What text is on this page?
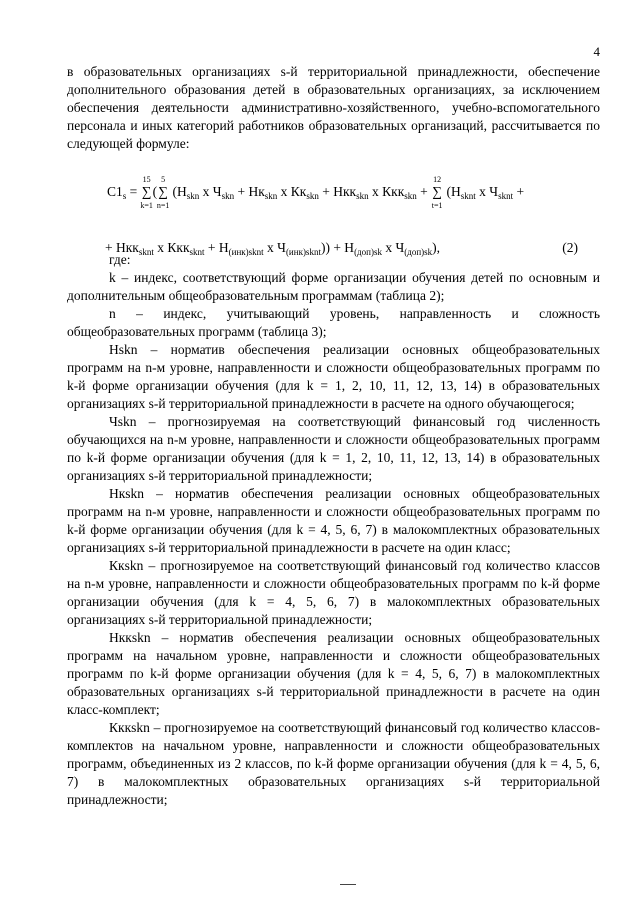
4

в образовательных организациях s-й территориальной принадлежности, обеспечение дополнительного образования детей в образовательных организациях, за исключением обеспечения деятельности административно-хозяйственного, учебно-вспомогательного персонала и иных категорий работников образовательных организаций, рассчитывается по следующей формуле:

$C1_s$ = ∑
15
k=1
(∑
5
n=1
($H_{skn}$ x $Ч_{skn} + Hк_{skn}$ x $Кк_{skn} + Нкк_{skn}$ x Ккк$_{skn}$ + ∑
12
t=1
($H_{sknt}$ x $Ч_{sknt}$ +
+ Нкк$_{sknt}$ x $Ккк_{sknt} + H_{(инк)sknt}$ x $Ч_{(инк)sknt})) + H_{(доп)sk}$ x $Ч_{(доп)sk}$),	(2)

где:

k – индекс, соответствующий форме организации обучения детей по основным и дополнительным общеобразовательным программам (таблица 2);

n – индекс, учитывающий уровень, направленность и сложность общеобразовательных программ (таблица 3);

Hskn – норматив обеспечения реализации основных общеобразовательных программ на n-м уровне, направленности и сложности общеобразовательных программ по k-й форме организации обучения (для k = 1, 2, 10, 11, 12, 13, 14) в образовательных организациях s-й территориальной принадлежности в расчете на одного обучающегося;

Чskn – прогнозируемая на соответствующий финансовый год численность обучающихся на n-м уровне, направленности и сложности общеобразовательных программ по k-й форме организации обучения (для k = 1, 2, 10, 11, 12, 13, 14) в образовательных организациях s-й территориальной принадлежности;

Hкskn – норматив обеспечения реализации основных общеобразовательных программ на n-м уровне, направленности и сложности общеобразовательных программ по k-й форме организации обучения (для k = 4, 5, 6, 7) в малокомплектных образовательных организациях s-й территориальной принадлежности в расчете на один класс;

Ккskn – прогнозируемое на соответствующий финансовый год количество классов на n-м уровне, направленности и сложности общеобразовательных программ по k-й форме организации обучения (для k = 4, 5, 6, 7) в малокомплектных образовательных организациях s-й территориальной принадлежности;

Нккskn – норматив обеспечения реализации основных общеобразовательных программ на начальном уровне, направленности и сложности общеобразовательных программ по k-й форме организации обучения (для k = 4, 5, 6, 7) в малокомплектных образовательных организациях s-й территориальной принадлежности в расчете на один класс-комплект;

Кккskn – прогнозируемое на соответствующий финансовый год количество классов-комплектов на начальном уровне, направленности и сложности общеобразовательных программ, объединенных из 2 классов, по k-й форме организации обучения (для k = 4, 5, 6, 7) в малокомплектных образовательных организациях s-й территориальной принадлежности;
